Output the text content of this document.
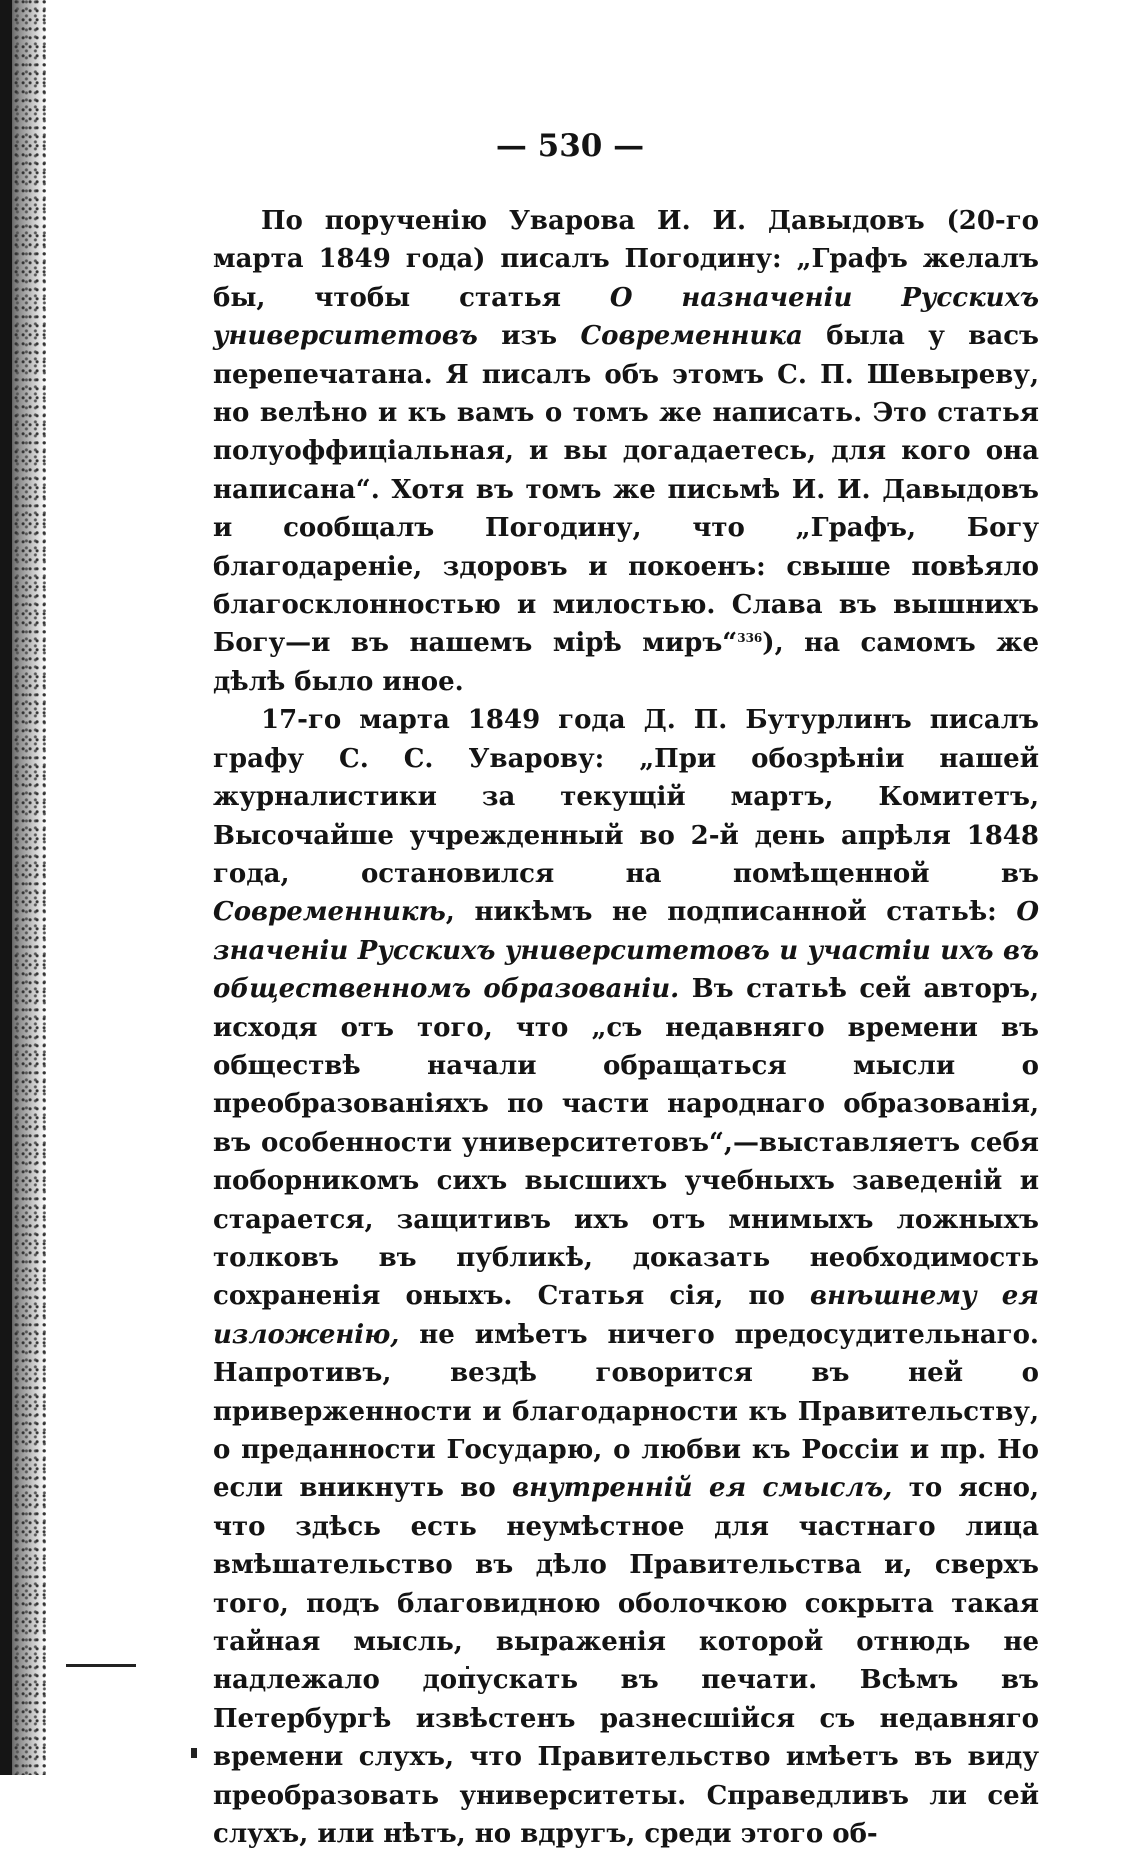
— 530 —

По порученію Уварова И. И. Давыдовъ (20-го марта 1849 года) писалъ Погодину: „Графъ желалъ бы, чтобы статья О назначеніи Русскихъ университетовъ изъ Современника была у васъ перепечатана. Я писалъ объ этомъ С. П. Шевыреву, но велѣно и къ вамъ о томъ же написать. Это статья полуоффиціальная, и вы догадаетесь, для кого она написана“. Хотя въ томъ же письмѣ И. И. Давыдовъ и сообщалъ Погодину, что „Графъ, Богу благодареніе, здоровъ и покоенъ: свыше повѣяло благосклонностью и милостью. Слава въ вышнихъ Богу—и въ нашемъ мірѣ миръ“$^{336}$), на самомъ же дѣлѣ было иное.

17-го марта 1849 года Д. П. Бутурлинъ писалъ графу С. С. Уварову: „При обозрѣніи нашей журналистики за текущій мартъ, Комитетъ, Высочайше учрежденный во 2-й день апрѣля 1848 года, остановился на помѣщенной въ Современникѣ, никѣмъ не подписанной статьѣ: О значеніи Русскихъ университетовъ и участіи ихъ въ общественномъ образованіи. Въ статьѣ сей авторъ, исходя отъ того, что „съ недавняго времени въ обществѣ начали обращаться мысли о преобразованіяхъ по части народнаго образованія, въ особенности университетовъ“,—выставляетъ себя поборникомъ сихъ высшихъ учебныхъ заведеній и старается, защитивъ ихъ отъ мнимыхъ ложныхъ толковъ въ публикѣ, доказать необходимость сохраненія оныхъ. Статья сія, по внѣшнему ея изложенію, не имѣетъ ничего предосудительнаго. Напротивъ, вездѣ говорится въ ней о приверженности и благодарности къ Правительству, о преданности Государю, о любви къ Россіи и пр. Но если вникнуть во внутренній ея смыслъ, то ясно, что здѣсь есть неумѣстное для частнаго лица вмѣшательство въ дѣло Правительства и, сверхъ того, подъ благовидною оболочкою сокрыта такая тайная мысль, выраженія которой отнюдь не надлежало допускать въ печати. Всѣмъ въ Петербургѣ извѣстенъ разнесшійся съ недавняго времени слухъ, что Правительство имѣетъ въ виду преобразовать университеты. Справедливъ ли сей слухъ, или нѣтъ, но вдругъ, среди этого об-
